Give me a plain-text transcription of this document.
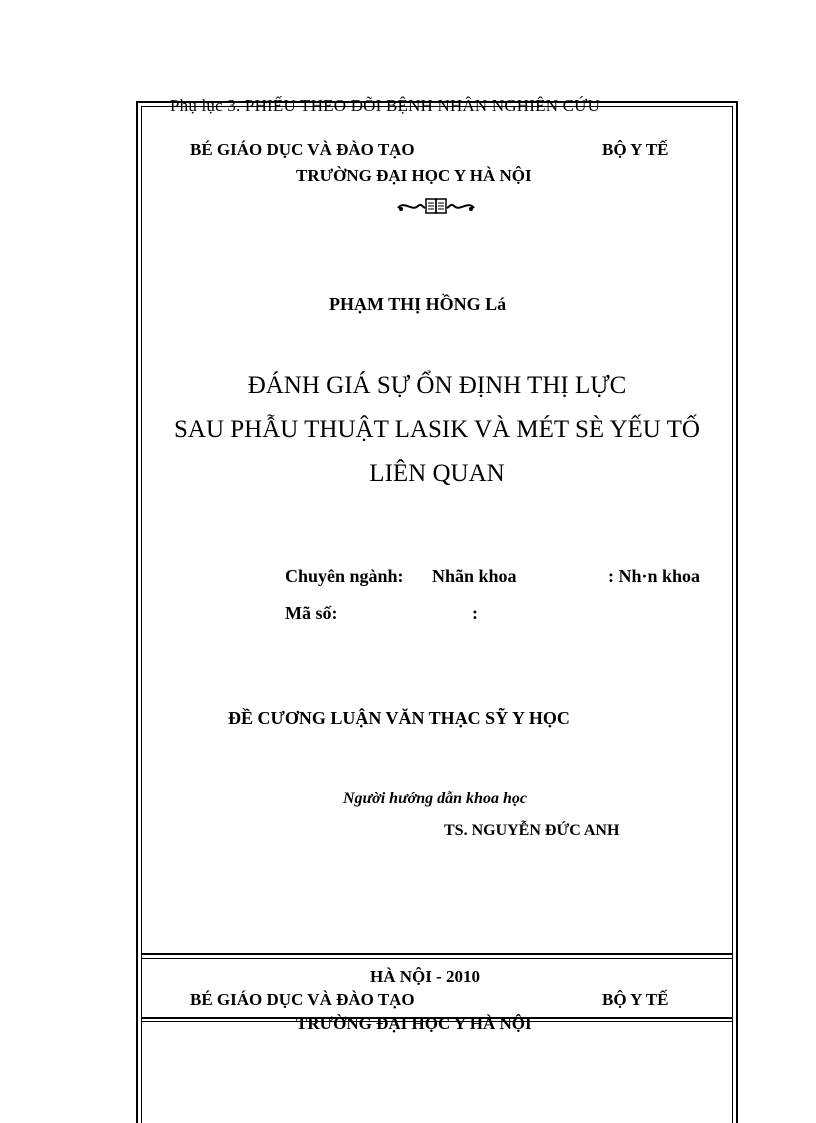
Phụ lục 3. PHIẾU THEO DÕI BỆNH NHÂN NGHIÊN CỨU
BÉ GIÁO DỤC VÀ ĐÀO TẠO	BỘ Y TẾ
TRƯỜNG ĐẠI HỌC Y HÀ NỘI
PHẠM THỊ HỒNG Lá
ĐÁNH GIÁ SỰ ỔN ĐỊNH THỊ LỰC
SAU PHẪU THUẬT LASIK VÀ MÉT SÈ YẾU TỐ
LIÊN QUAN
Chuyên ngành: Nhãn khoa	: Nh·n khoa
Mã số:	:
ĐỀ CƯƠNG LUẬN VĂN THẠC SỸ Y HỌC
Người hướng dẫn khoa học
TS. NGUYỄN ĐỨC ANH
HÀ NỘI - 2010
BÉ GIÁO DỤC VÀ ĐÀO TẠO	BỘ Y TẾ
TRƯỜNG ĐẠI HỌC Y HÀ NỘI
